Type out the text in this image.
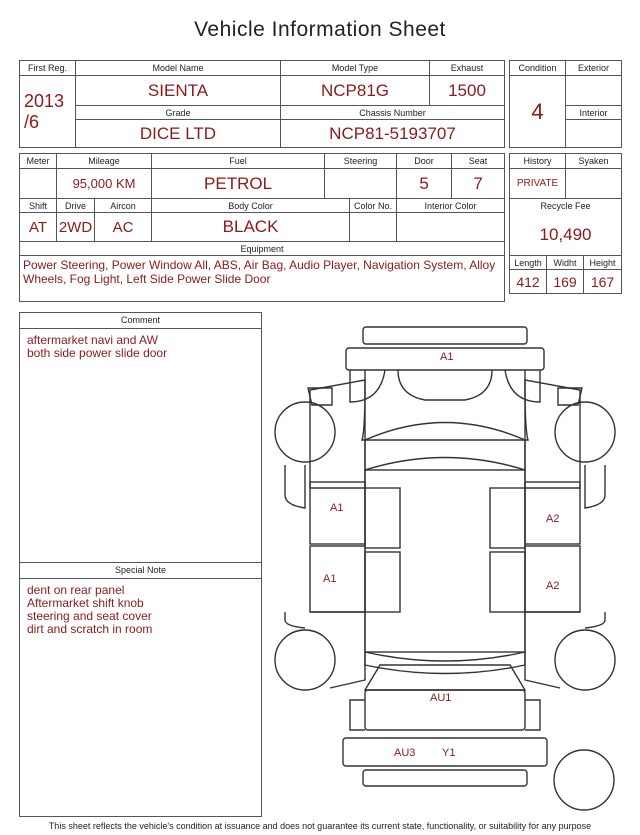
Vehicle Information Sheet
First Reg.	Model Name	Model Type	Exhaust

2013
/6	SIENTA	NCP81G	1500
	Grade	Chassis Number	
	DICE LTD	NCP81-5193707	
Condition	Exterior
4	
	Interior

Meter	Mileage		Fuel	Steering		Door	Seat
	95,000 KM		PETROL			5	7
Shift	Drive	Aircon	Body Color		Color No.	Interior Color	
AT	2WD	AC	BLACK				
Equipment							
Power Steering, Power Window All, ABS, Air Bag, Audio Player, Navigation System, Alloy Wheels, Fog Light, Left Side Power Slide Door							
History		Syaken	
PRIVATE			

Recycle Fee
10,490			

Length	Widht		Height
412	169		167
Comment
aftermarket navi and AW
both side power slide door
Special Note
dent on rear panel
Aftermarket shift knob
steering and seat cover
dirt and scratch in room
A1
A1
A2
A1
A2
AU1
AU3 Y1
This sheet reflects the vehicle's condition at issuance and does not guarantee its current state, functionality, or suitability for any purpose
